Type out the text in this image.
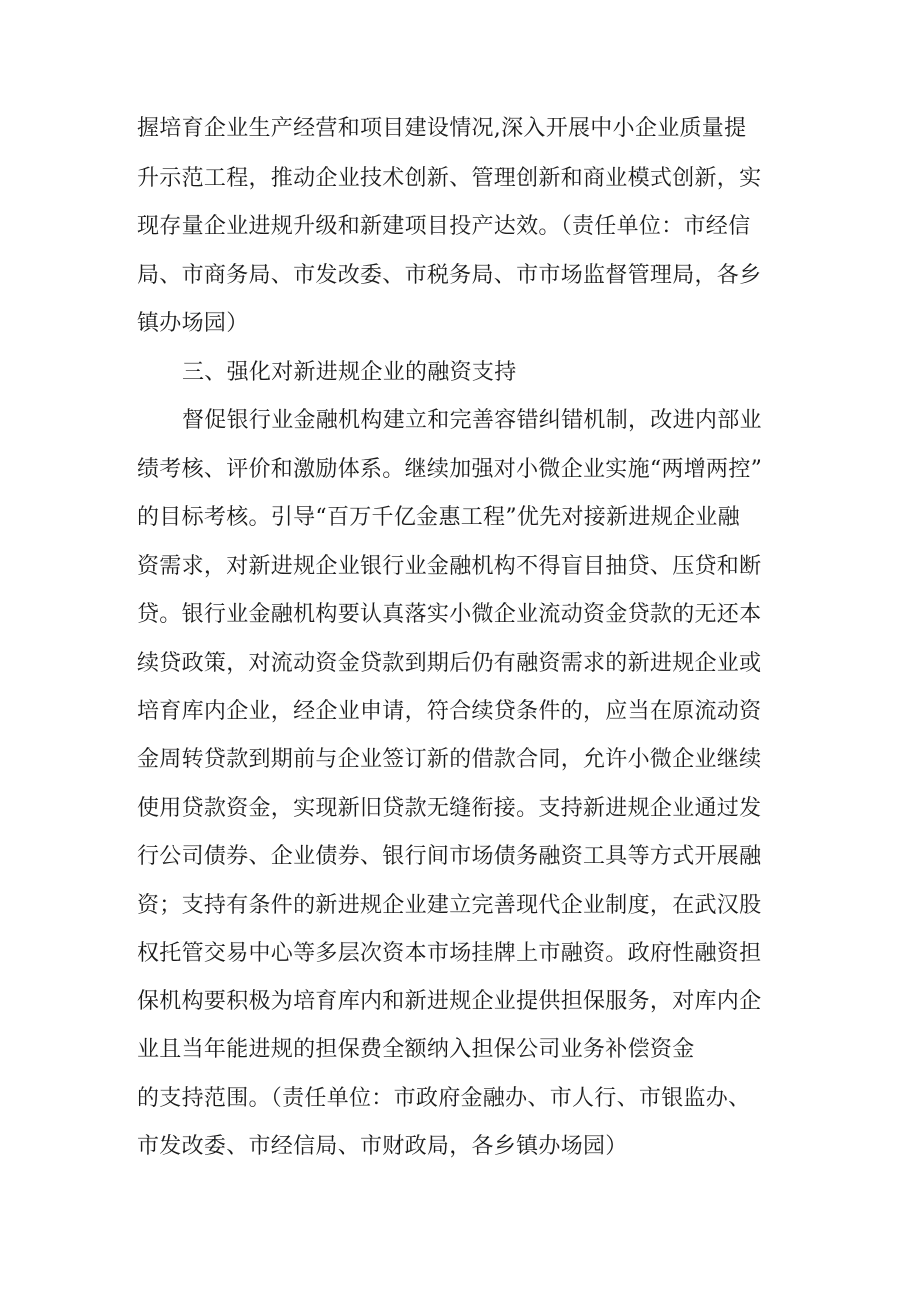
握培育企业生产经营和项目建设情况,深入开展中小企业质量提
升示范工程，推动企业技术创新、管理创新和商业模式创新，实
现存量企业进规升级和新建项目投产达效。（责任单位：市经信
局、市商务局、市发改委、市税务局、市市场监督管理局，各乡
镇办场园）
三、强化对新进规企业的融资支持
督促银行业金融机构建立和完善容错纠错机制，改进内部业
绩考核、评价和激励体系。继续加强对小微企业实施“两增两控”
的目标考核。引导“百万千亿金惠工程”优先对接新进规企业融
资需求，对新进规企业银行业金融机构不得盲目抽贷、压贷和断
贷。银行业金融机构要认真落实小微企业流动资金贷款的无还本
续贷政策，对流动资金贷款到期后仍有融资需求的新进规企业或
培育库内企业，经企业申请，符合续贷条件的，应当在原流动资
金周转贷款到期前与企业签订新的借款合同，允许小微企业继续
使用贷款资金，实现新旧贷款无缝衔接。支持新进规企业通过发
行公司债券、企业债券、银行间市场债务融资工具等方式开展融
资；支持有条件的新进规企业建立完善现代企业制度，在武汉股
权托管交易中心等多层次资本市场挂牌上市融资。政府性融资担
保机构要积极为培育库内和新进规企业提供担保服务，对库内企
业且当年能进规的担保费全额纳入担保公司业务补偿资金
的支持范围。（责任单位：市政府金融办、市人行、市银监办、
市发改委、市经信局、市财政局，各乡镇办场园）
